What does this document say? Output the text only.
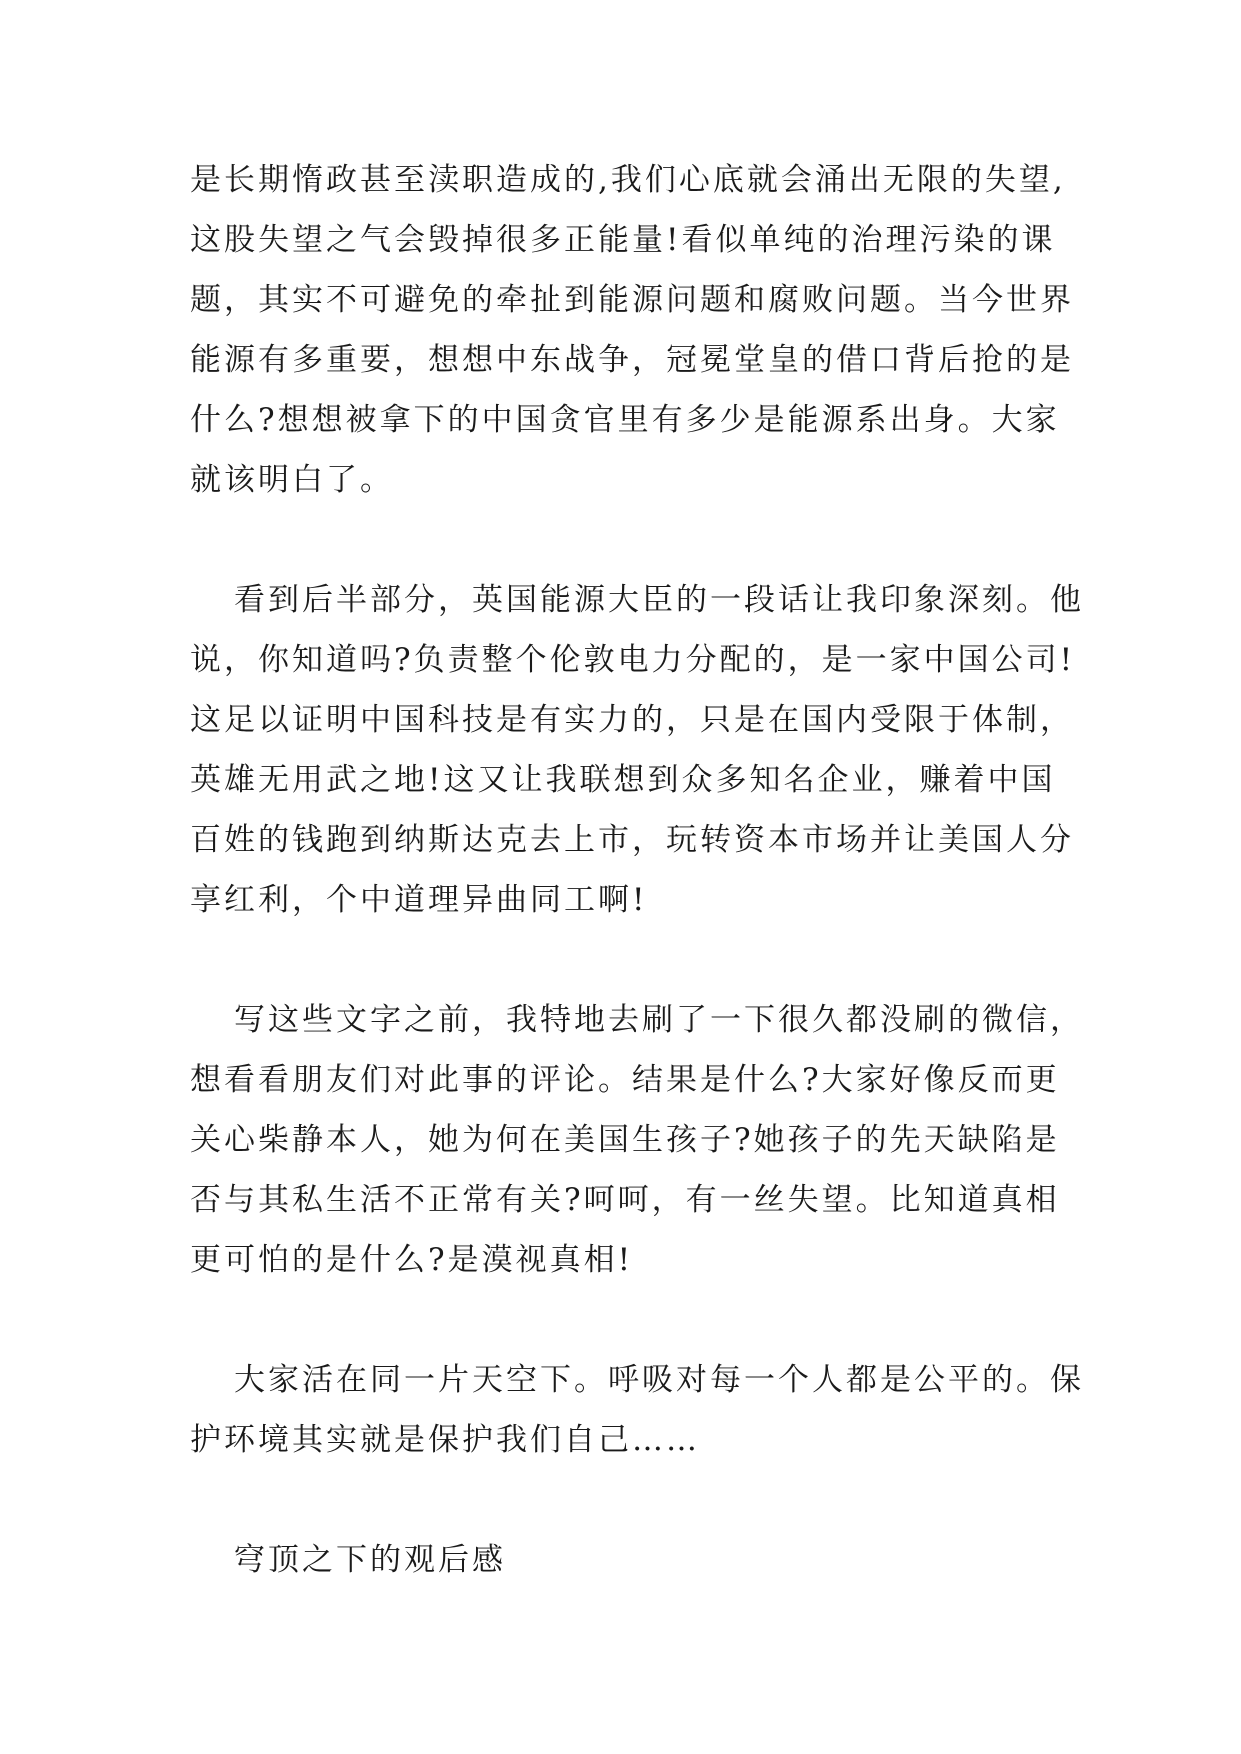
是长期惰政甚至渎职造成的,我们心底就会涌出无限的失望,
这股失望之气会毁掉很多正能量!看似单纯的治理污染的课
题，其实不可避免的牵扯到能源问题和腐败问题。当今世界
能源有多重要，想想中东战争，冠冕堂皇的借口背后抢的是
什么?想想被拿下的中国贪官里有多少是能源系出身。大家
就该明白了。

看到后半部分，英国能源大臣的一段话让我印象深刻。他
说，你知道吗?负责整个伦敦电力分配的，是一家中国公司!
这足以证明中国科技是有实力的，只是在国内受限于体制，
英雄无用武之地!这又让我联想到众多知名企业，赚着中国
百姓的钱跑到纳斯达克去上市，玩转资本市场并让美国人分
享红利，个中道理异曲同工啊!

写这些文字之前，我特地去刷了一下很久都没刷的微信，
想看看朋友们对此事的评论。结果是什么?大家好像反而更
关心柴静本人，她为何在美国生孩子?她孩子的先天缺陷是
否与其私生活不正常有关?呵呵，有一丝失望。比知道真相
更可怕的是什么?是漠视真相!

大家活在同一片天空下。呼吸对每一个人都是公平的。保
护环境其实就是保护我们自己……

穹顶之下的观后感
